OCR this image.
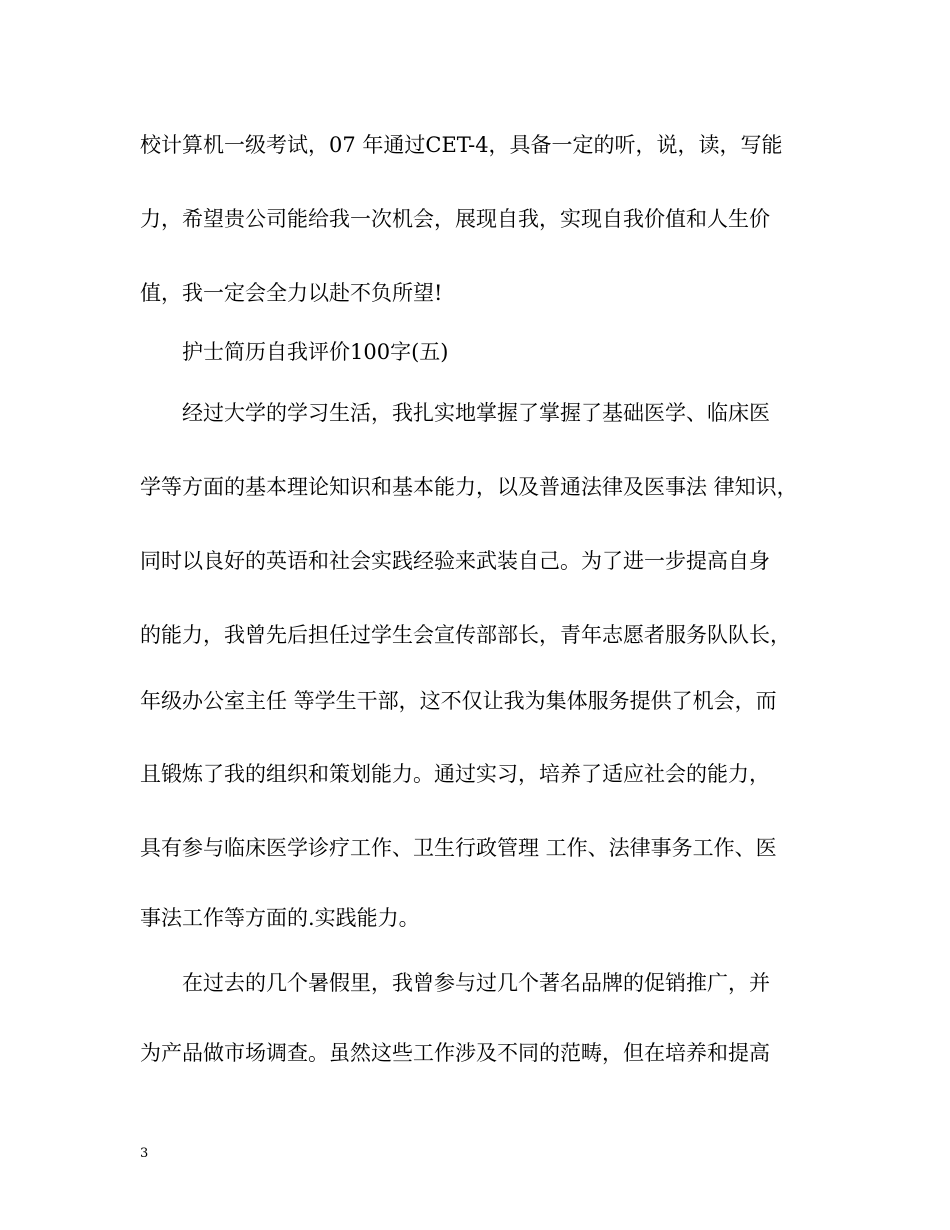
校计算机一级考试，07 年通过CET-4，具备一定的听，说，读，写能
力，希望贵公司能给我一次机会，展现自我，实现自我价值和人生价
值，我一定会全力以赴不负所望!
护士简历自我评价100字(五)
经过大学的学习生活，我扎实地掌握了掌握了基础医学、临床医
学等方面的基本理论知识和基本能力，以及普通法律及医事法 律知识，
同时以良好的英语和社会实践经验来武装自己。为了进一步提高自身
的能力，我曾先后担任过学生会宣传部部长，青年志愿者服务队队长，
年级办公室主任 等学生干部，这不仅让我为集体服务提供了机会，而
且锻炼了我的组织和策划能力。通过实习，培养了适应社会的能力，
具有参与临床医学诊疗工作、卫生行政管理 工作、法律事务工作、医
事法工作等方面的.实践能力。
在过去的几个暑假里，我曾参与过几个著名品牌的促销推广，并
为产品做市场调查。虽然这些工作涉及不同的范畴，但在培养和提高
3
